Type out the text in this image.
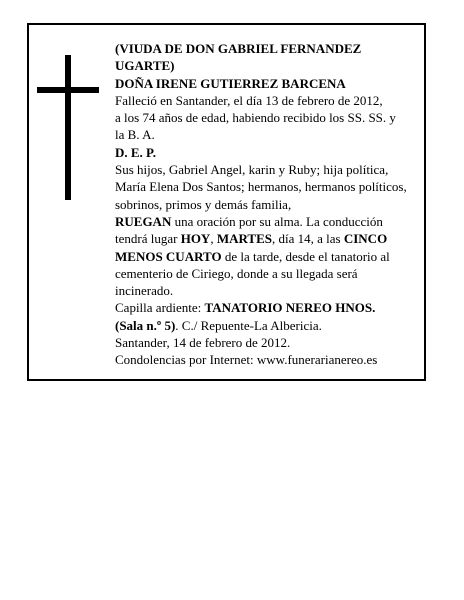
(VIUDA DE DON GABRIEL FERNANDEZ
UGARTE)
DOÑA IRENE GUTIERREZ BARCENA
Falleció en Santander, el día 13 de febrero de 2012,
a los 74 años de edad, habiendo recibido los SS. SS. y
la B. A.
D. E. P.
Sus hijos, Gabriel Angel, karin y Ruby; hija política,
María Elena Dos Santos; hermanos, hermanos políticos,
sobrinos, primos y demás familia,
RUEGAN una oración por su alma. La conducción
tendrá lugar HOY, MARTES, día 14, a las CINCO
MENOS CUARTO de la tarde, desde el tanatorio al
cementerio de Ciriego, donde a su llegada será
incinerado.
Capilla ardiente: TANATORIO NEREO HNOS.
(Sala n.º 5). C./ Repuente-La Albericia.
Santander, 14 de febrero de 2012.
Condolencias por Internet: www.funerarianereo.es
